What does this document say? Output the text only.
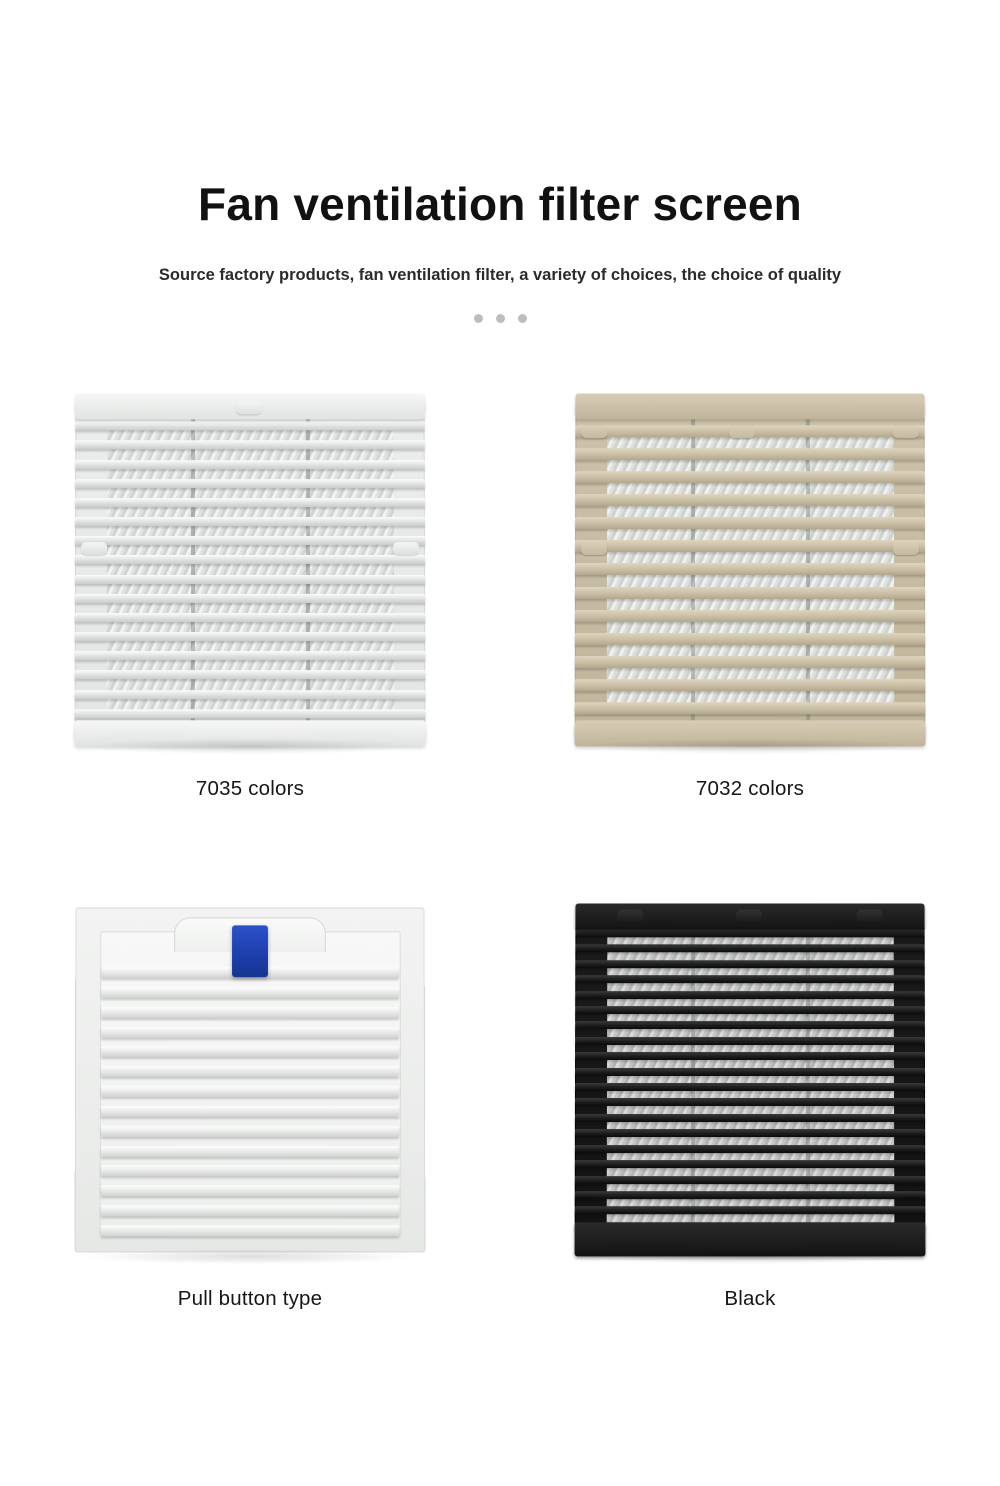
Fan ventilation filter screen

Source factory products, fan ventilation filter, a variety of choices, the choice of quality

7035 colors	7032 colors
Pull button type	Black
